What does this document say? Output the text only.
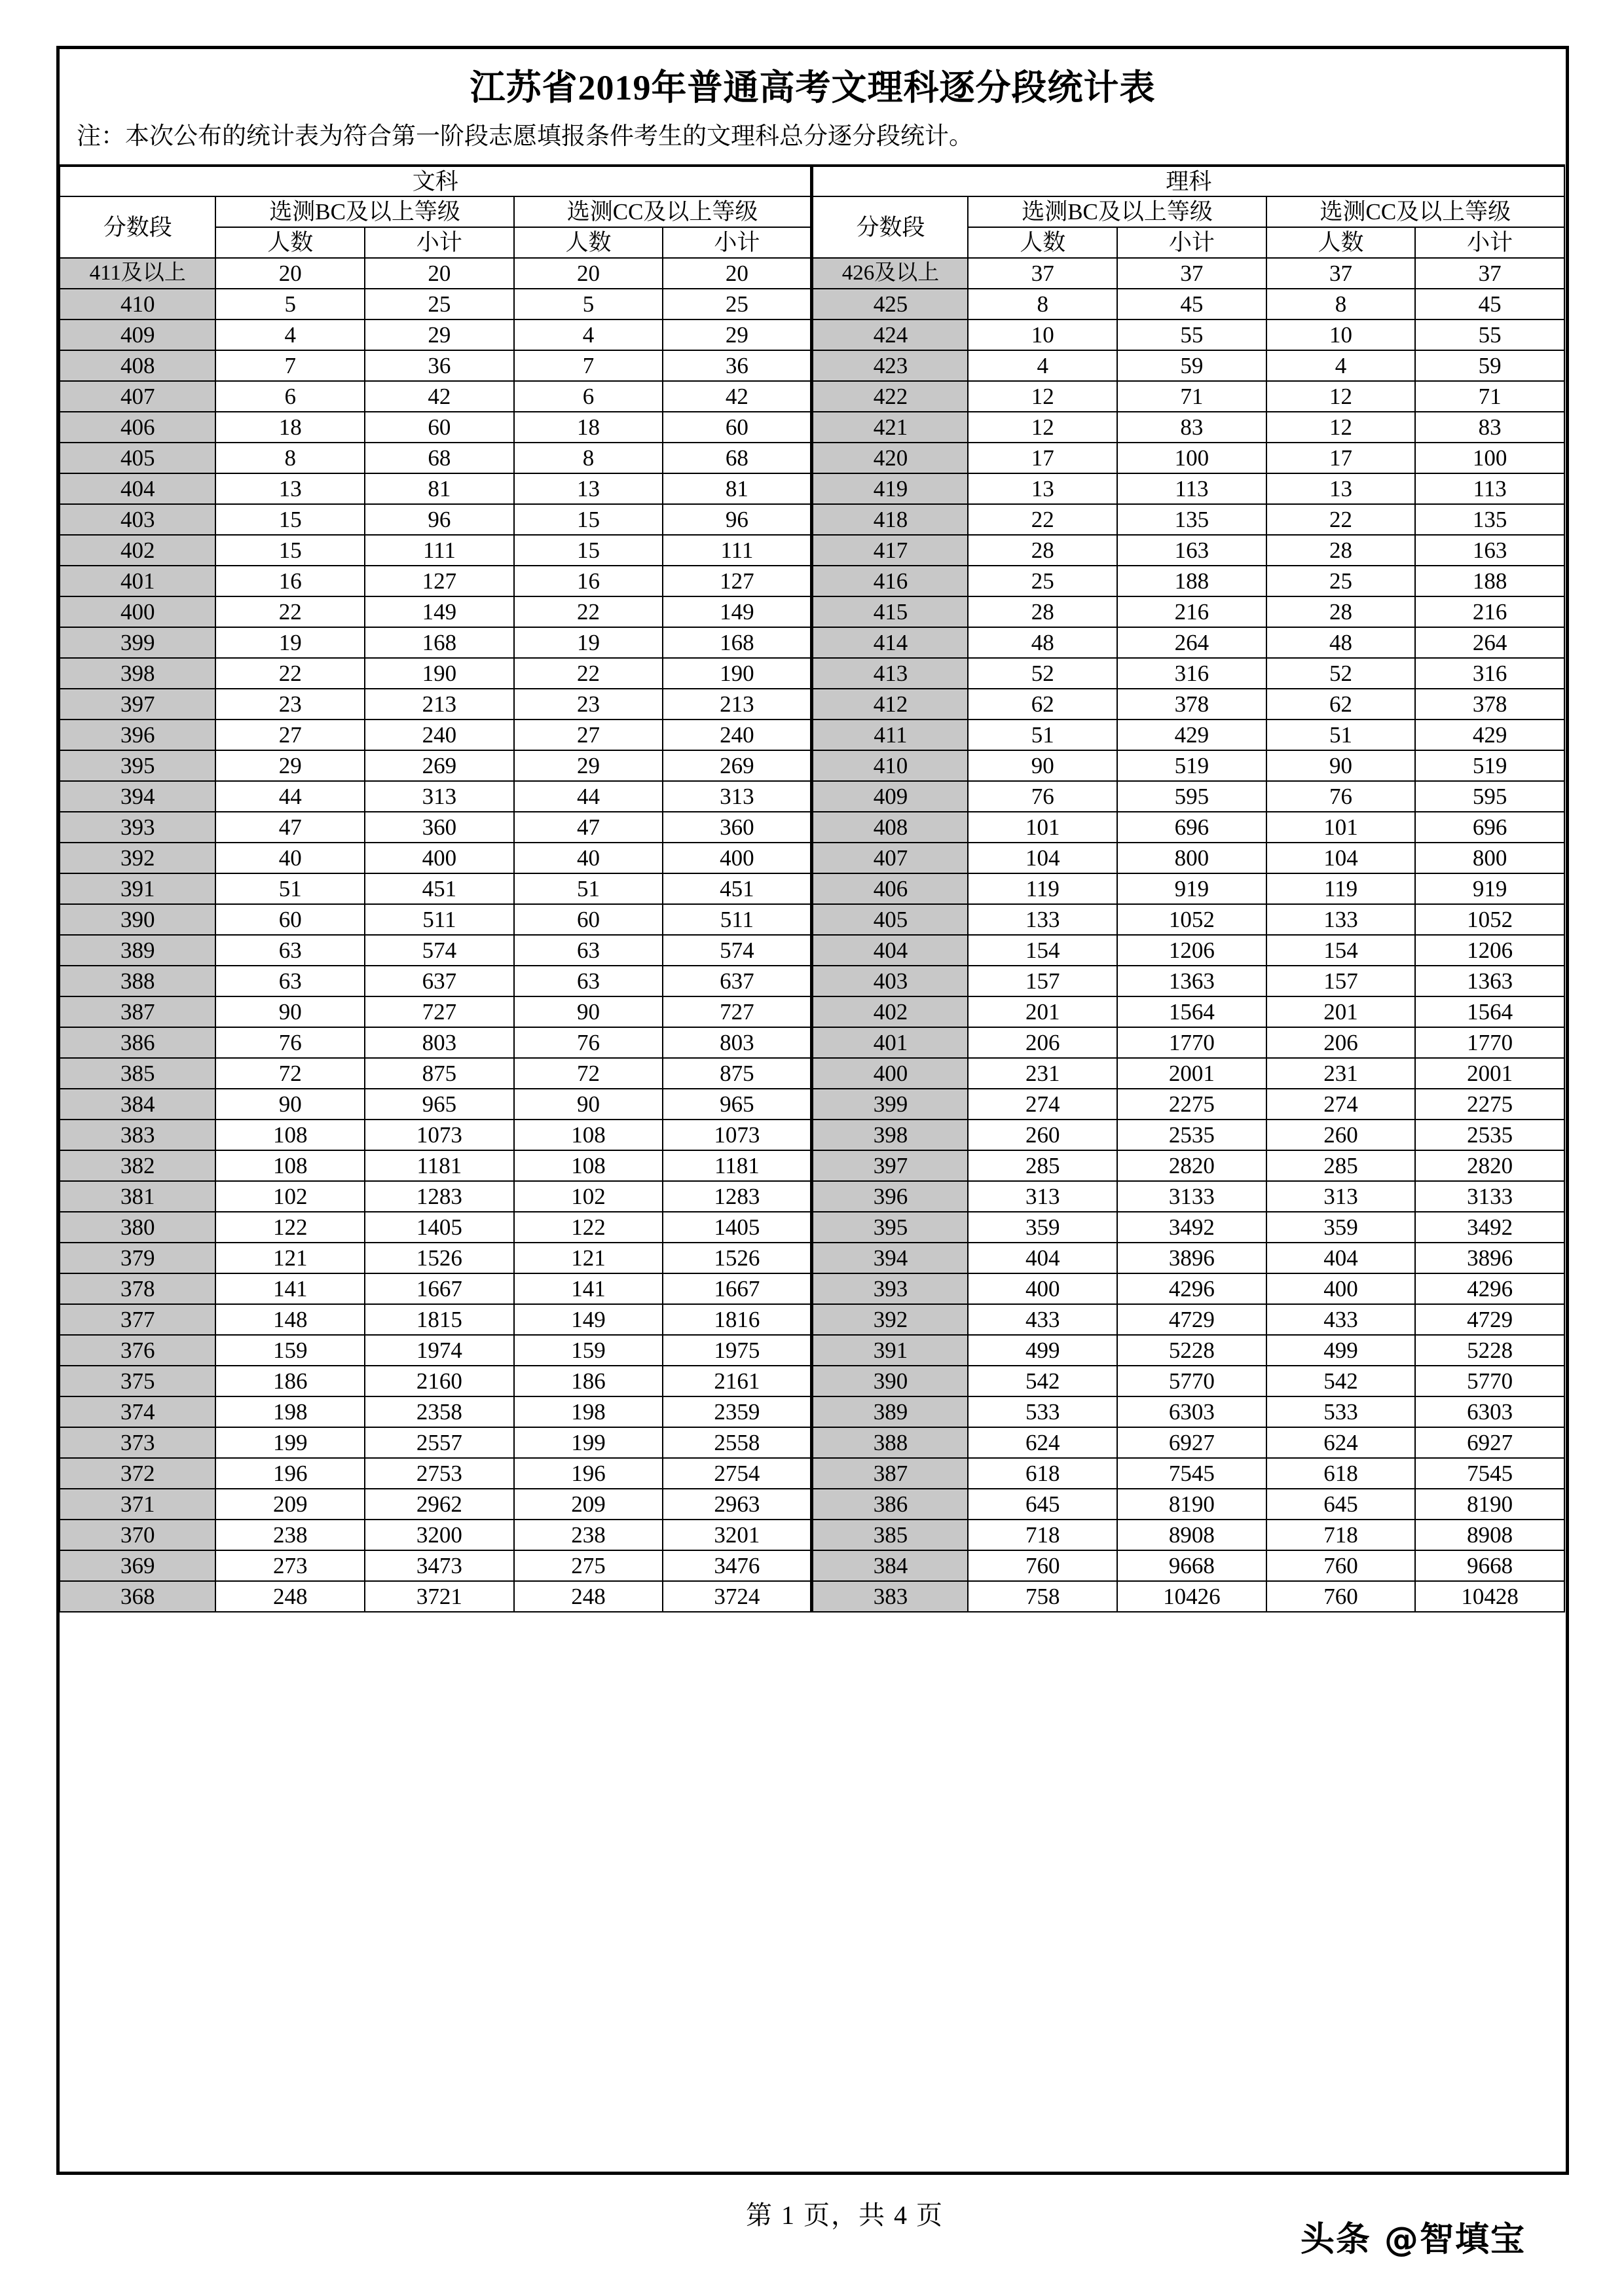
江苏省2019年普通高考文理科逐分段统计表
注：本次公布的统计表为符合第一阶段志愿填报条件考生的文理科总分逐分段统计。
文科					理科				
分数段	选测BC及以上等级		选测CC及以上等级		分数段	选测BC及以上等级		选测CC及以上等级	
	人数	小计	人数	小计		人数	小计	人数	小计
411及以上	20	20	20	20	426及以上	37	37	37	37
410	5	25	5	25	425	8	45	8	45
409	4	29	4	29	424	10	55	10	55
408	7	36	7	36	423	4	59	4	59
407	6	42	6	42	422	12	71	12	71
406	18	60	18	60	421	12	83	12	83
405	8	68	8	68	420	17	100	17	100
404	13	81	13	81	419	13	113	13	113
403	15	96	15	96	418	22	135	22	135
402	15	111	15	111	417	28	163	28	163
401	16	127	16	127	416	25	188	25	188
400	22	149	22	149	415	28	216	28	216
399	19	168	19	168	414	48	264	48	264
398	22	190	22	190	413	52	316	52	316
397	23	213	23	213	412	62	378	62	378
396	27	240	27	240	411	51	429	51	429
395	29	269	29	269	410	90	519	90	519
394	44	313	44	313	409	76	595	76	595
393	47	360	47	360	408	101	696	101	696
392	40	400	40	400	407	104	800	104	800
391	51	451	51	451	406	119	919	119	919
390	60	511	60	511	405	133	1052	133	1052
389	63	574	63	574	404	154	1206	154	1206
388	63	637	63	637	403	157	1363	157	1363
387	90	727	90	727	402	201	1564	201	1564
386	76	803	76	803	401	206	1770	206	1770
385	72	875	72	875	400	231	2001	231	2001
384	90	965	90	965	399	274	2275	274	2275
383	108	1073	108	1073	398	260	2535	260	2535
382	108	1181	108	1181	397	285	2820	285	2820
381	102	1283	102	1283	396	313	3133	313	3133
380	122	1405	122	1405	395	359	3492	359	3492
379	121	1526	121	1526	394	404	3896	404	3896
378	141	1667	141	1667	393	400	4296	400	4296
377	148	1815	149	1816	392	433	4729	433	4729
376	159	1974	159	1975	391	499	5228	499	5228
375	186	2160	186	2161	390	542	5770	542	5770
374	198	2358	198	2359	389	533	6303	533	6303
373	199	2557	199	2558	388	624	6927	624	6927
372	196	2753	196	2754	387	618	7545	618	7545
371	209	2962	209	2963	386	645	8190	645	8190
370	238	3200	238	3201	385	718	8908	718	8908
369	273	3473	275	3476	384	760	9668	760	9668
368	248	3721	248	3724	383	758	10426	760	10428
第 1 页，共 4 页
头条 @智填宝
